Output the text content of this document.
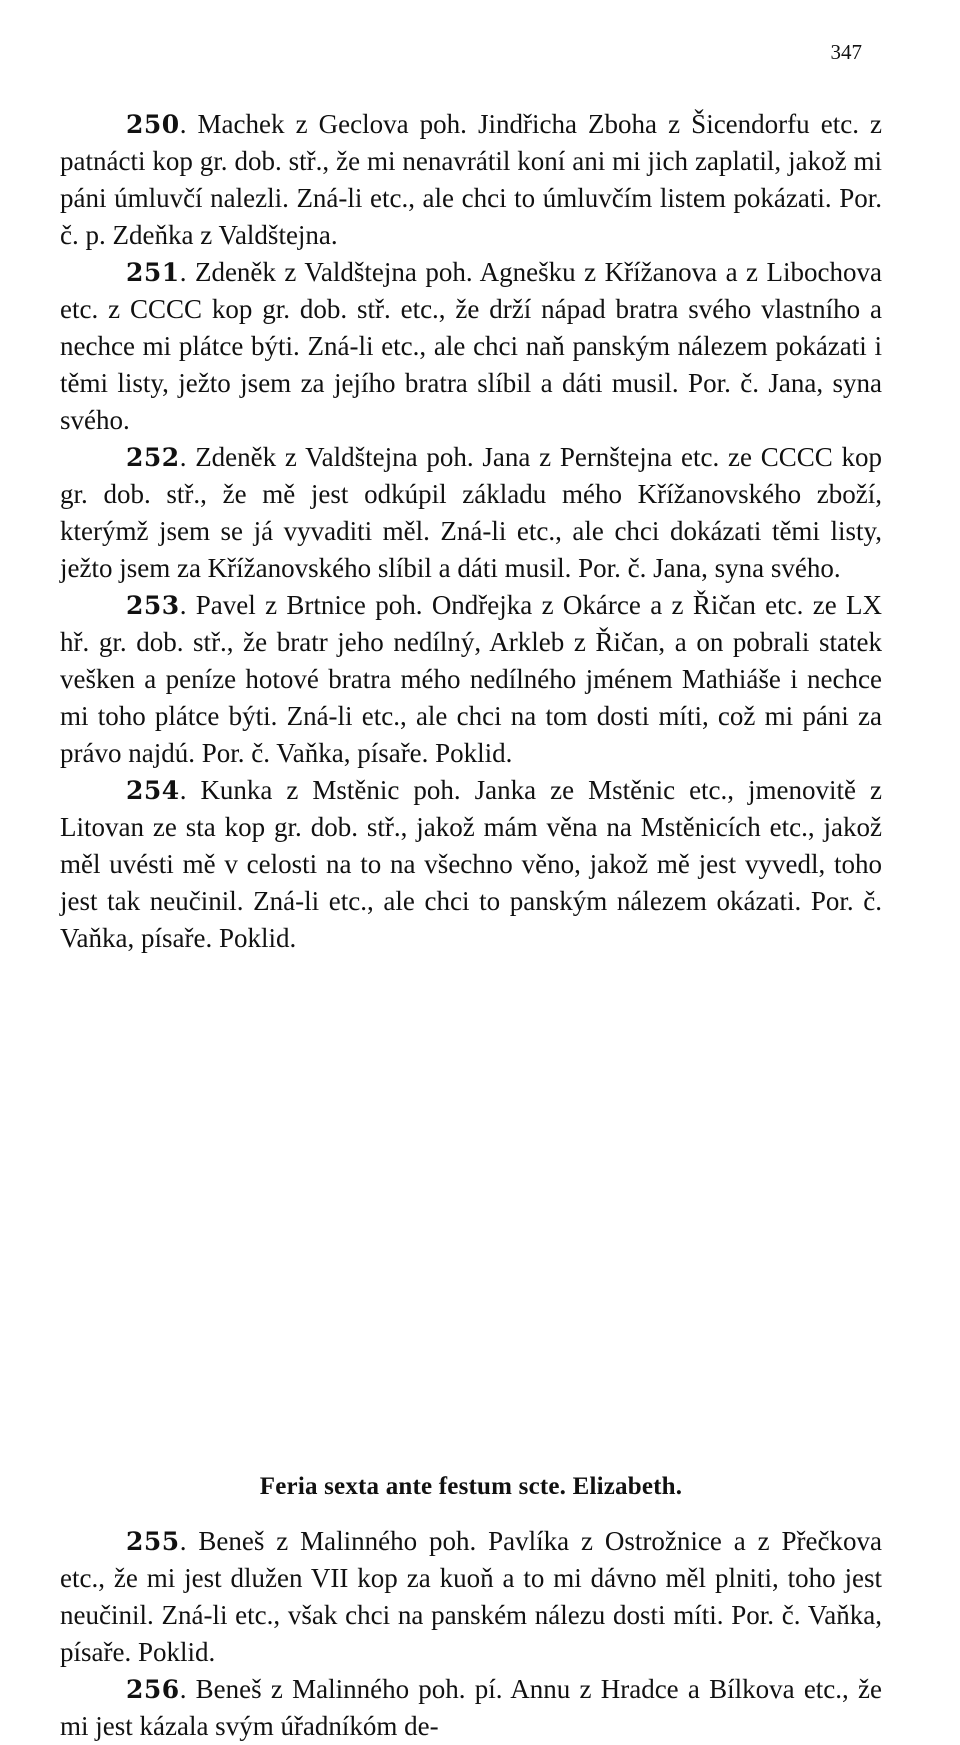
347

250. Machek z Geclova poh. Jindřicha Zboha z Šicendorfu etc. z patnácti kop gr. dob. stř., že mi nenavrátil koní ani mi jich zaplatil, jakož mi páni úmluvčí nalezli. Zná-li etc., ale chci to úmluvčím listem pokázati. Por. č. p. Zdeňka z Valdštejna.

251. Zdeněk z Valdštejna poh. Agnešku z Křížanova a z Libochova etc. z CCCC kop gr. dob. stř. etc., že drží nápad bratra svého vlastního a nechce mi plátce býti. Zná-li etc., ale chci naň panským nálezem pokázati i těmi listy, ježto jsem za jejího bratra slíbil a dáti musil. Por. č. Jana, syna svého.

252. Zdeněk z Valdštejna poh. Jana z Pernštejna etc. ze CCCC kop gr. dob. stř., že mě jest odkúpil základu mého Křížanovského zboží, kterýmž jsem se já vyvaditi měl. Zná-li etc., ale chci dokázati těmi listy, ježto jsem za Křížanovského slíbil a dáti musil. Por. č. Jana, syna svého.

253. Pavel z Brtnice poh. Ondřejka z Okárce a z Řičan etc. ze LX hř. gr. dob. stř., že bratr jeho nedílný, Arkleb z Řičan, a on pobrali statek vešken a peníze hotové bratra mého nedílného jménem Mathiáše i nechce mi toho plátce býti. Zná-li etc., ale chci na tom dosti míti, což mi páni za právo najdú. Por. č. Vaňka, písaře. Poklid.

254. Kunka z Mstěnic poh. Janka ze Mstěnic etc., jmenovitě z Litovan ze sta kop gr. dob. stř., jakož mám věna na Mstěnicích etc., jakož měl uvésti mě v celosti na to na všechno věno, jakož mě jest vyvedl, toho jest tak neučinil. Zná-li etc., ale chci to panským nálezem okázati. Por. č. Vaňka, písaře. Poklid.

Feria sexta ante festum scte. Elizabeth.

255. Beneš z Malinného poh. Pavlíka z Ostrožnice a z Přečkova etc., že mi jest dlužen VII kop za kuoň a to mi dávno měl plniti, toho jest neučinil. Zná-li etc., však chci na panském nálezu dosti míti. Por. č. Vaňka, písaře. Poklid.

256. Beneš z Malinného poh. pí. Annu z Hradce a Bílkova etc., že mi jest kázala svým úřadníkóm de-
